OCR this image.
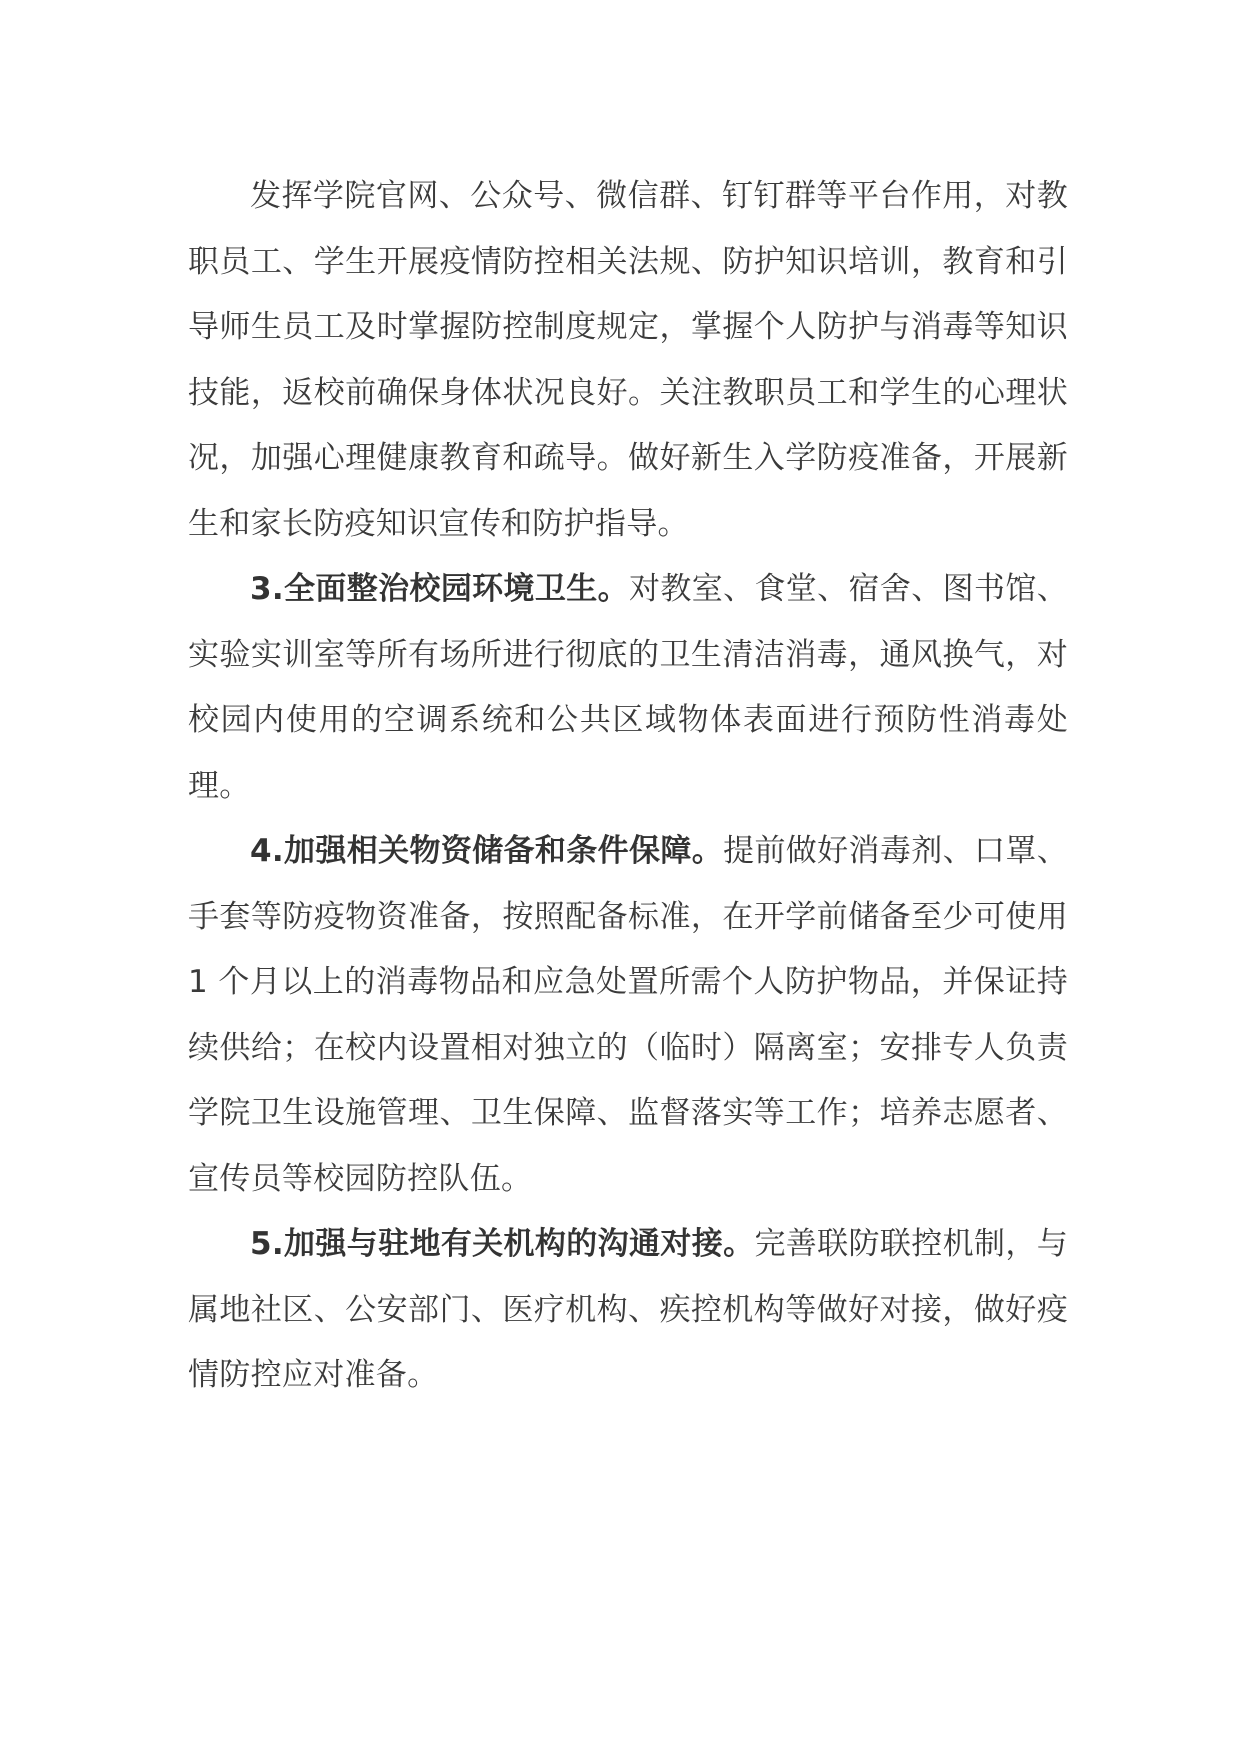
发挥学院官网、公众号、微信群、钉钉群等平台作用，对教职员工、学生开展疫情防控相关法规、防护知识培训，教育和引导师生员工及时掌握防控制度规定，掌握个人防护与消毒等知识技能，返校前确保身体状况良好。关注教职员工和学生的心理状况，加强心理健康教育和疏导。做好新生入学防疫准备，开展新生和家长防疫知识宣传和防护指导。

3.全面整治校园环境卫生。对教室、食堂、宿舍、图书馆、实验实训室等所有场所进行彻底的卫生清洁消毒，通风换气，对校园内使用的空调系统和公共区域物体表面进行预防性消毒处理。

4.加强相关物资储备和条件保障。提前做好消毒剂、口罩、手套等防疫物资准备，按照配备标准，在开学前储备至少可使用 1 个月以上的消毒物品和应急处置所需个人防护物品，并保证持续供给；在校内设置相对独立的（临时）隔离室；安排专人负责学院卫生设施管理、卫生保障、监督落实等工作；培养志愿者、宣传员等校园防控队伍。

5.加强与驻地有关机构的沟通对接。完善联防联控机制，与属地社区、公安部门、医疗机构、疾控机构等做好对接，做好疫情防控应对准备。
